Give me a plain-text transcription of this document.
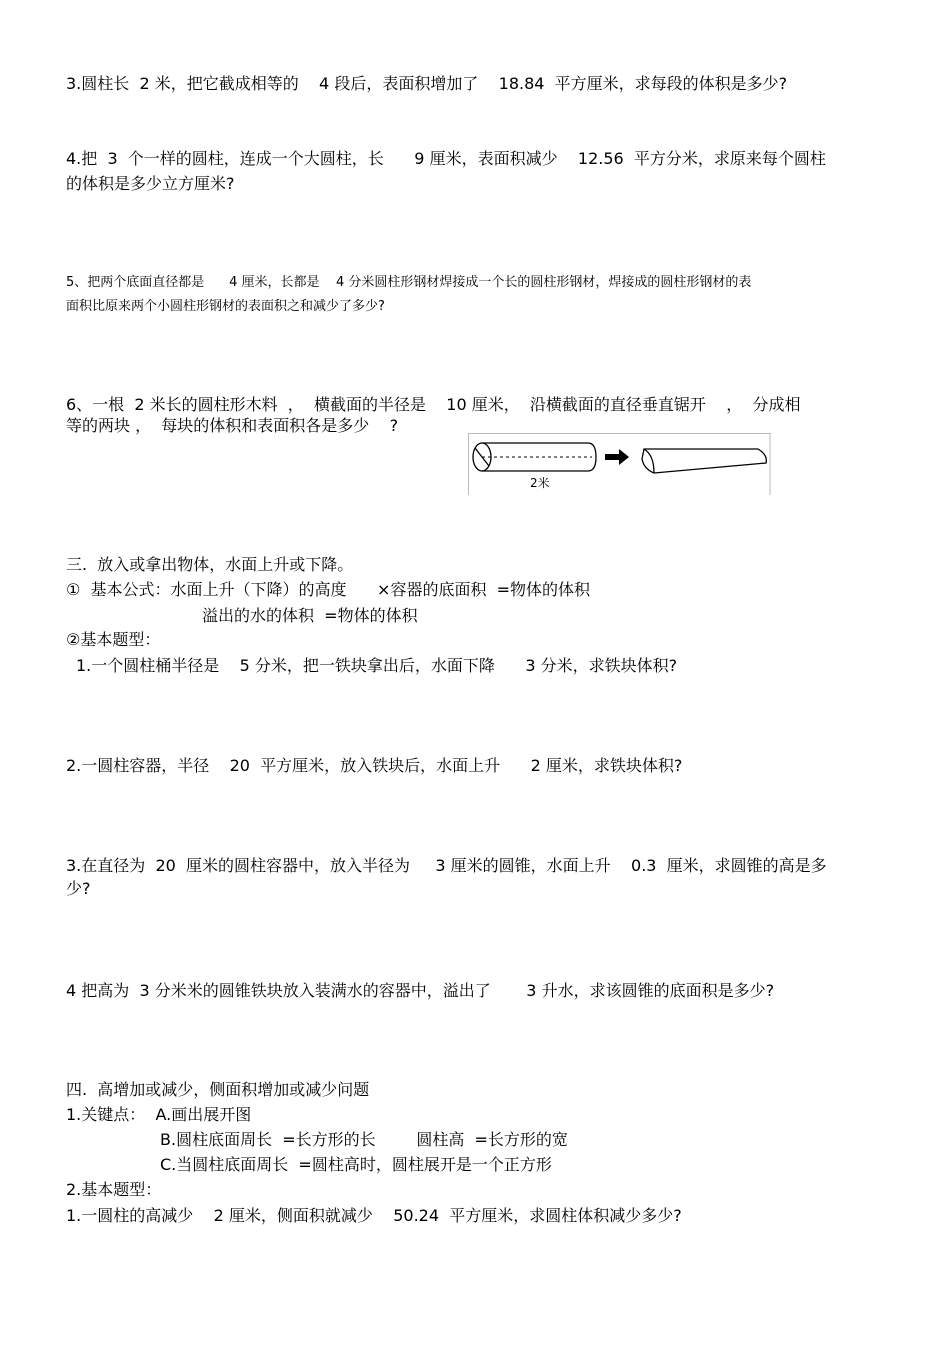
3.圆柱长  2 米，把它截成相等的    4 段后，表面积增加了    18.84  平方厘米，求每段的体积是多少?
4.把  3  个一样的圆柱，连成一个大圆柱，长      9 厘米，表面积减少    12.56  平方分米，求原来每个圆柱
的体积是多少立方厘米?
5、把两个底面直径都是      4 厘米，长都是    4 分米圆柱形钢材焊接成一个长的圆柱形钢材，焊接成的圆柱形钢材的表
面积比原来两个小圆柱形钢材的表面积之和减少了多少?
6、一根  2 米长的圆柱形木料  ，  横截面的半径是    10 厘米，  沿横截面的直径垂直锯开    ，  分成相
等的两块 ，  每块的体积和表面积各是多少    ?
2米
三.  放入或拿出物体，水面上升或下降。
①  基本公式：水面上升（下降）的高度      ×容器的底面积  =物体的体积
溢出的水的体积  =物体的体积
②基本题型：
1.一个圆柱桶半径是    5 分米，把一铁块拿出后，水面下降      3 分米，求铁块体积?
2.一圆柱容器，半径    20  平方厘米，放入铁块后，水面上升      2 厘米，求铁块体积?
3.在直径为  20  厘米的圆柱容器中，放入半径为     3 厘米的圆锥，水面上升    0.3  厘米，求圆锥的高是多
少?
4 把高为  3 分米米的圆锥铁块放入装满水的容器中，溢出了       3 升水，求该圆锥的底面积是多少?
四.  高增加或减少，侧面积增加或减少问题
1.关键点：  A.画出展开图
B.圆柱底面周长  =长方形的长        圆柱高  =长方形的宽
C.当圆柱底面周长  =圆柱高时，圆柱展开是一个正方形
2.基本题型：
1.一圆柱的高减少    2 厘米，侧面积就减少    50.24  平方厘米，求圆柱体积减少多少?
